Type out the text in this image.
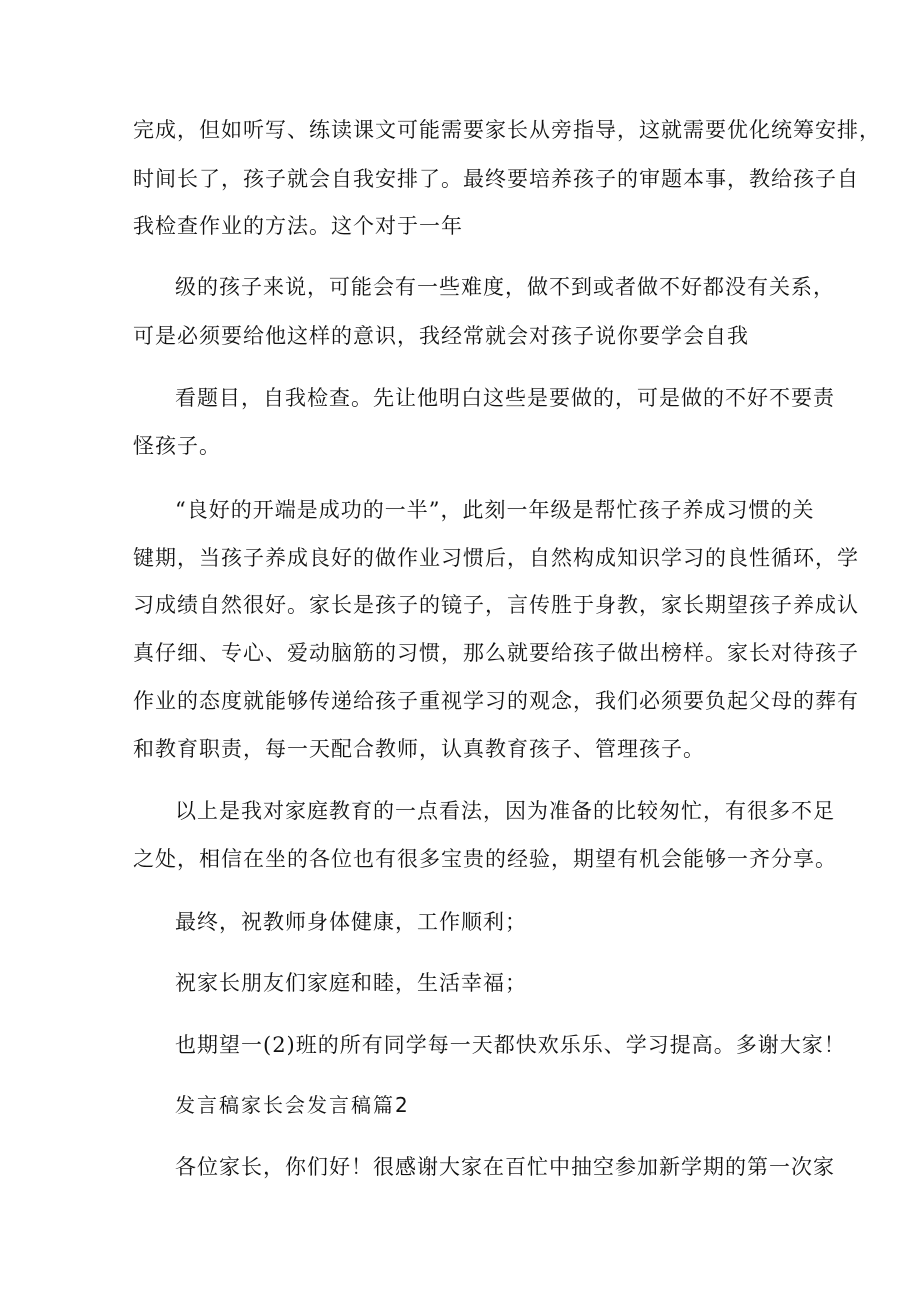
完成，但如听写、练读课文可能需要家长从旁指导，这就需要优化统筹安排，
时间长了，孩子就会自我安排了。最终要培养孩子的审题本事，教给孩子自
我检查作业的方法。这个对于一年
级的孩子来说，可能会有一些难度，做不到或者做不好都没有关系，
可是必须要给他这样的意识，我经常就会对孩子说你要学会自我
看题目，自我检查。先让他明白这些是要做的，可是做的不好不要责
怪孩子。
“良好的开端是成功的一半”，此刻一年级是帮忙孩子养成习惯的关
键期，当孩子养成良好的做作业习惯后，自然构成知识学习的良性循环，学
习成绩自然很好。家长是孩子的镜子，言传胜于身教，家长期望孩子养成认
真仔细、专心、爱动脑筋的习惯，那么就要给孩子做出榜样。家长对待孩子
作业的态度就能够传递给孩子重视学习的观念，我们必须要负起父母的葬有
和教育职责，每一天配合教师，认真教育孩子、管理孩子。
以上是我对家庭教育的一点看法，因为准备的比较匆忙，有很多不足
之处，相信在坐的各位也有很多宝贵的经验，期望有机会能够一齐分享。
最终，祝教师身体健康，工作顺利；
祝家长朋友们家庭和睦，生活幸福；
也期望一(2)班的所有同学每一天都快欢乐乐、学习提高。多谢大家！
发言稿家长会发言稿篇2
各位家长，你们好！很感谢大家在百忙中抽空参加新学期的第一次家
